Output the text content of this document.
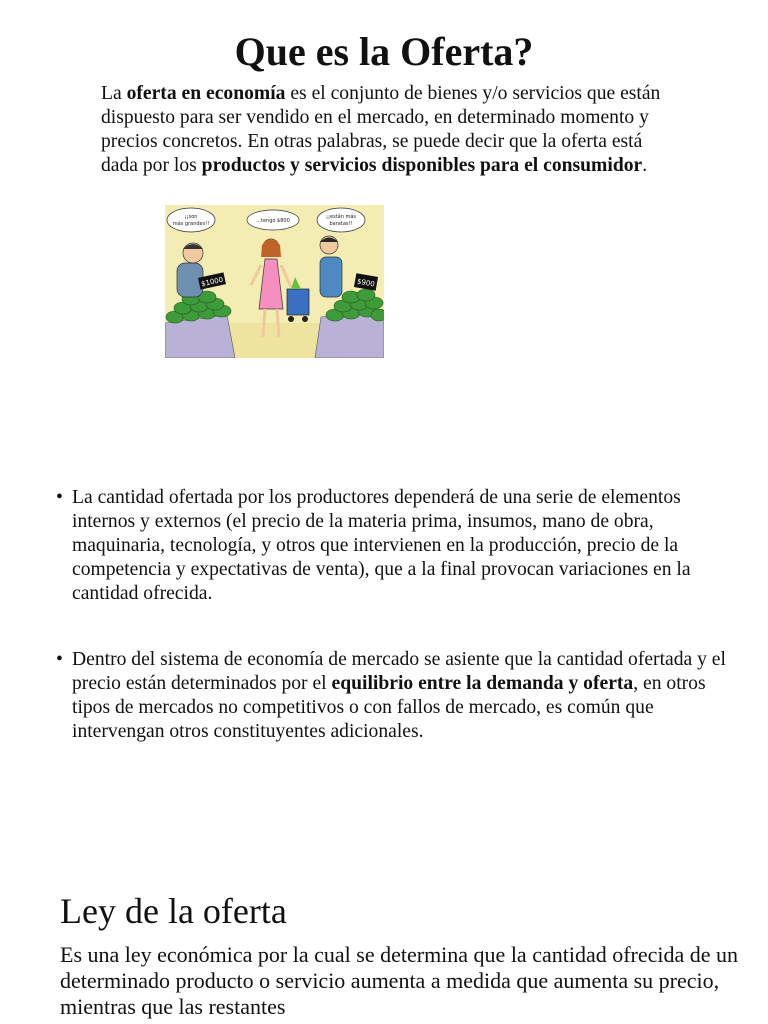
Que es la Oferta?

La oferta en economía es el conjunto de bienes y/o servicios que están dispuesto para ser vendido en el mercado, en determinado momento y precios concretos. En otras palabras, se puede decir que la oferta está dada por los productos y servicios disponibles para el consumidor.

¡¡son
más grandes!!	...tengo $800
¡¡están más
baratas!!
$1000	$900

• La cantidad ofertada por los productores dependerá de una serie de elementos internos y externos (el precio de la materia prima, insumos, mano de obra, maquinaria, tecnología, y otros que intervienen en la producción, precio de la competencia y expectativas de venta), que a la final provocan variaciones en la cantidad ofrecida.

• Dentro del sistema de economía de mercado se asiente que la cantidad ofertada y el precio están determinados por el equilibrio entre la demanda y oferta, en otros tipos de mercados no competitivos o con fallos de mercado, es común que intervengan otros constituyentes adicionales.

Ley de la oferta

Es una ley económica por la cual se determina que la cantidad ofrecida de un determinado producto o servicio aumenta a medida que aumenta su precio, mientras que las restantes
